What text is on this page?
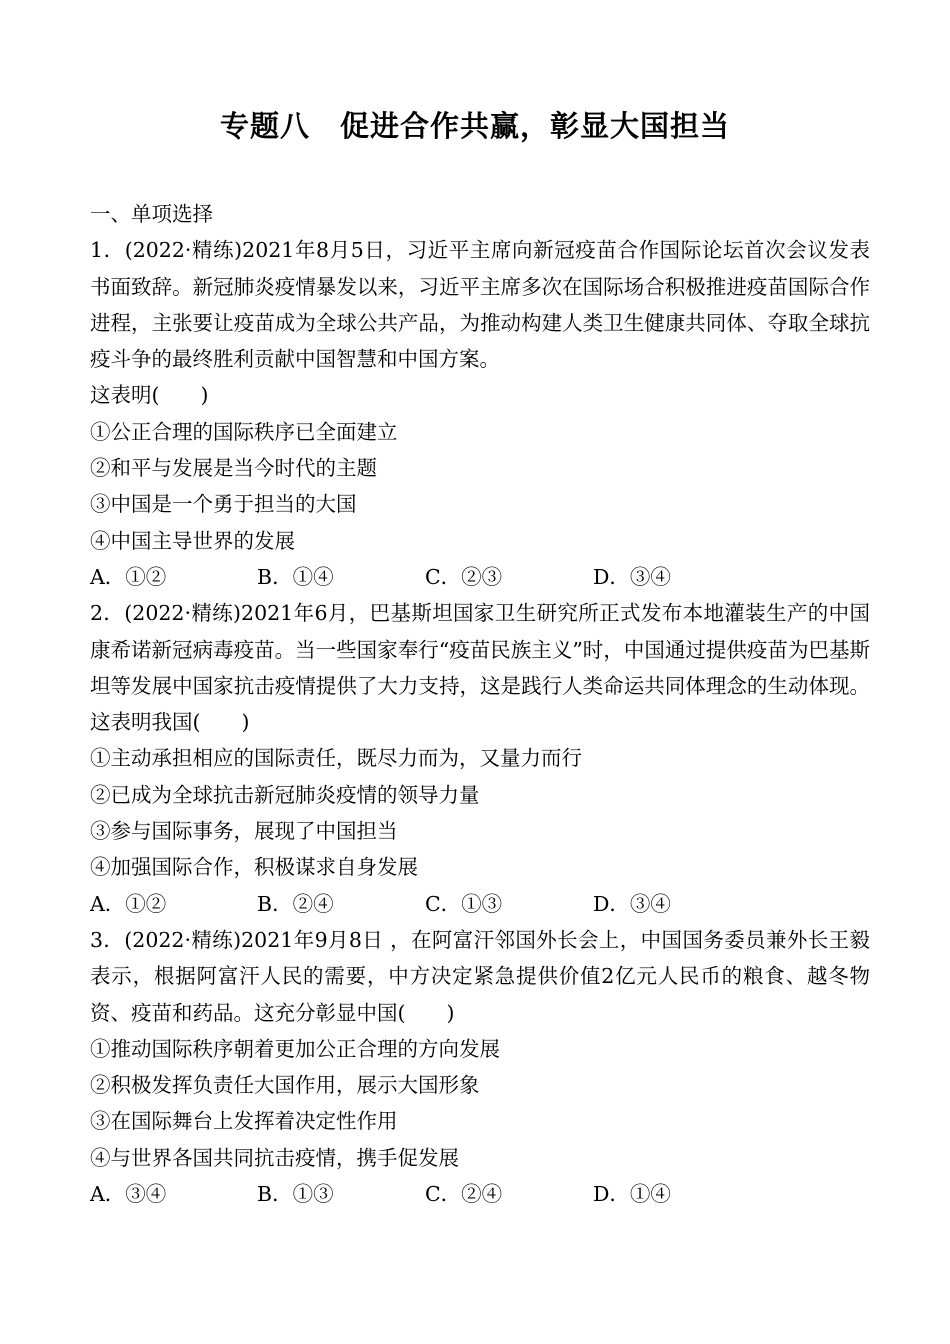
专题八　促进合作共赢，彰显大国担当
一、单项选择
1．(2022·精练)2021年8月5日，习近平主席向新冠疫苗合作国际论坛首次会议发表书面致辞。新冠肺炎疫情暴发以来，习近平主席多次在国际场合积极推进疫苗国际合作进程，主张要让疫苗成为全球公共产品，为推动构建人类卫生健康共同体、夺取全球抗疫斗争的最终胜利贡献中国智慧和中国方案。
这表明(　　)
①公正合理的国际秩序已全面建立
②和平与发展是当今时代的主题
③中国是一个勇于担当的大国
④中国主导世界的发展
A．①②	B．①④	C．②③	D．③④
2．(2022·精练)2021年6月，巴基斯坦国家卫生研究所正式发布本地灌装生产的中国康希诺新冠病毒疫苗。当一些国家奉行“疫苗民族主义”时，中国通过提供疫苗为巴基斯坦等发展中国家抗击疫情提供了大力支持，这是践行人类命运共同体理念的生动体现。这表明我国(　　)
①主动承担相应的国际责任，既尽力而为，又量力而行
②已成为全球抗击新冠肺炎疫情的领导力量
③参与国际事务，展现了中国担当
④加强国际合作，积极谋求自身发展
A．①②	B．②④	C．①③	D．③④
3．(2022·精练)2021年9月8日 ，在阿富汗邻国外长会上，中国国务委员兼外长王毅表示，根据阿富汗人民的需要，中方决定紧急提供价值2亿元人民币的粮食、越冬物资、疫苗和药品。这充分彰显中国(　　)
①推动国际秩序朝着更加公正合理的方向发展
②积极发挥负责任大国作用，展示大国形象
③在国际舞台上发挥着决定性作用
④与世界各国共同抗击疫情，携手促发展
A．③④	B．①③	C．②④	D．①④
